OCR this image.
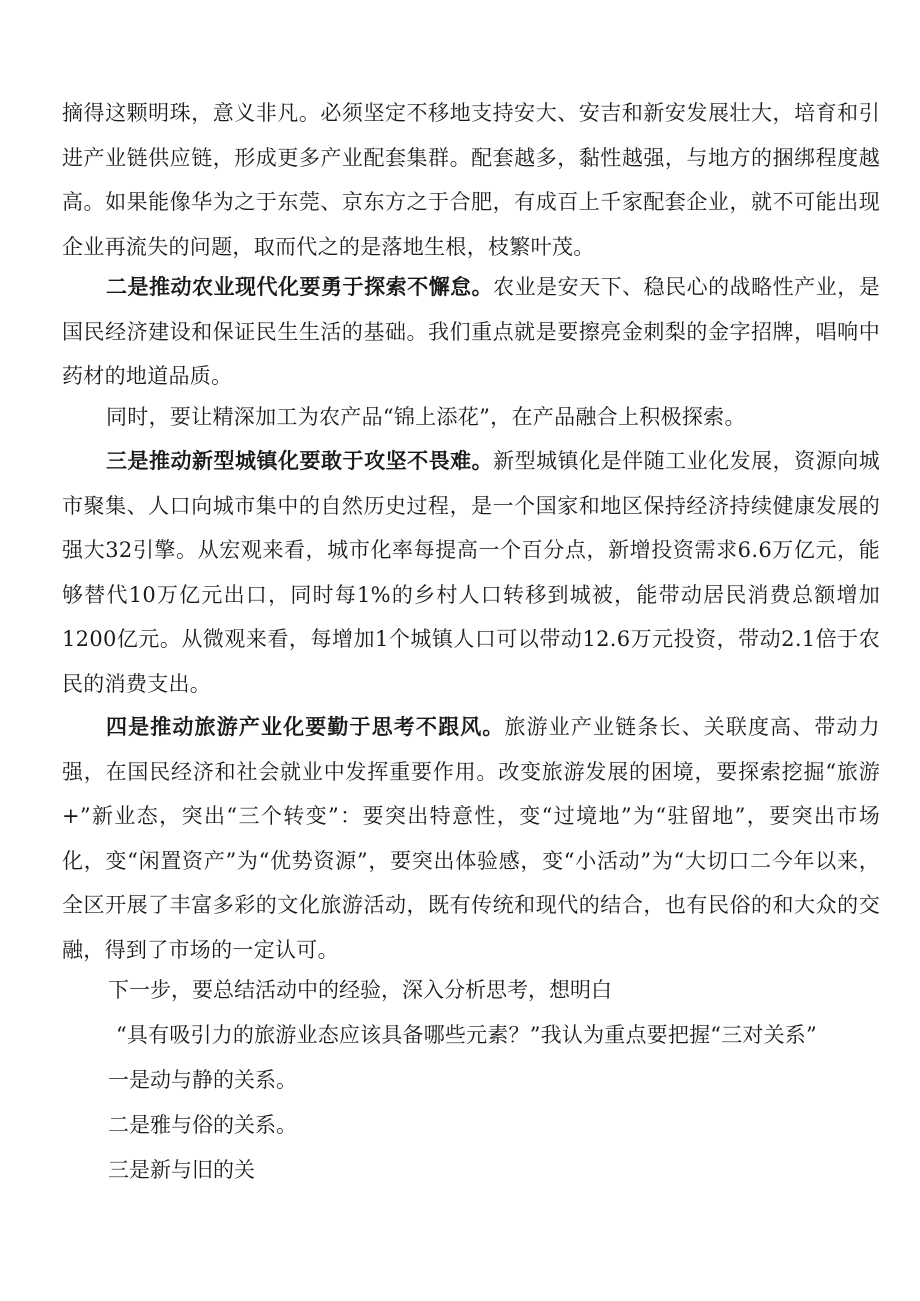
摘得这颗明珠，意义非凡。必须坚定不移地支持安大、安吉和新安发展壮大，培育和引进产业链供应链，形成更多产业配套集群。配套越多，黏性越强，与地方的捆绑程度越高。如果能像华为之于东莞、京东方之于合肥，有成百上千家配套企业，就不可能出现企业再流失的问题，取而代之的是落地生根，枝繁叶茂。

二是推动农业现代化要勇于探索不懈怠。农业是安天下、稳民心的战略性产业，是国民经济建设和保证民生生活的基础。我们重点就是要擦亮金刺梨的金字招牌，唱响中药材的地道品质。

同时，要让精深加工为农产品“锦上添花”，在产品融合上积极探索。

三是推动新型城镇化要敢于攻坚不畏难。新型城镇化是伴随工业化发展，资源向城市聚集、人口向城市集中的自然历史过程，是一个国家和地区保持经济持续健康发展的强大32引擎。从宏观来看，城市化率每提高一个百分点，新增投资需求6.6万亿元，能够替代10万亿元出口，同时每1%的乡村人口转移到城被，能带动居民消费总额增加1200亿元。从微观来看，每增加1个城镇人口可以带动12.6万元投资，带动2.1倍于农民的消费支出。

四是推动旅游产业化要勤于思考不跟风。旅游业产业链条长、关联度高、带动力强，在国民经济和社会就业中发挥重要作用。改变旅游发展的困境，要探索挖掘“旅游+”新业态，突出“三个转变”：要突出特意性，变“过境地”为“驻留地”，要突出市场化，变“闲置资产”为“优势资源”，要突出体验感，变“小活动”为“大切口二今年以来，全区开展了丰富多彩的文化旅游活动，既有传统和现代的结合，也有民俗的和大众的交融，得到了市场的一定认可。

下一步，要总结活动中的经验，深入分析思考，想明白

“具有吸引力的旅游业态应该具备哪些元素？”我认为重点要把握“三对关系”

一是动与静的关系。

二是雅与俗的关系。

三是新与旧的关
